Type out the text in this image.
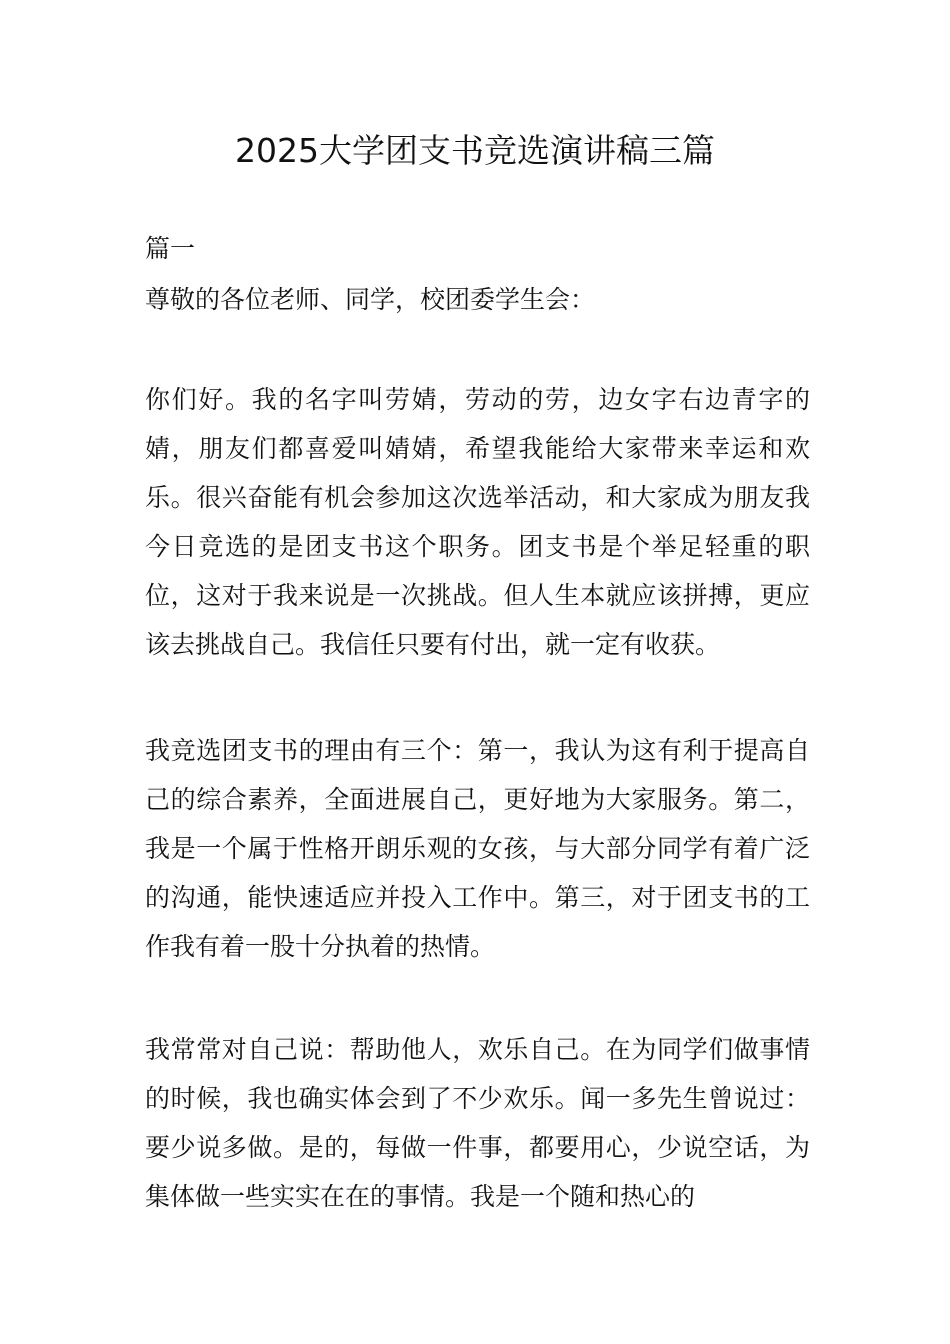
2025大学团支书竞选演讲稿三篇

篇一

尊敬的各位老师、同学，校团委学生会：

你们好。我的名字叫劳婧，劳动的劳，边女字右边青字的婧，朋友们都喜爱叫婧婧，希望我能给大家带来幸运和欢乐。很兴奋能有机会参加这次选举活动，和大家成为朋友我今日竞选的是团支书这个职务。团支书是个举足轻重的职位，这对于我来说是一次挑战。但人生本就应该拼搏，更应该去挑战自己。我信任只要有付出，就一定有收获。

我竞选团支书的理由有三个：第一，我认为这有利于提高自己的综合素养，全面进展自己，更好地为大家服务。第二，我是一个属于性格开朗乐观的女孩，与大部分同学有着广泛的沟通，能快速适应并投入工作中。第三，对于团支书的工作我有着一股十分执着的热情。

我常常对自己说：帮助他人，欢乐自己。在为同学们做事情的时候，我也确实体会到了不少欢乐。闻一多先生曾说过：要少说多做。是的，每做一件事，都要用心，少说空话，为集体做一些实实在在的事情。我是一个随和热心的
